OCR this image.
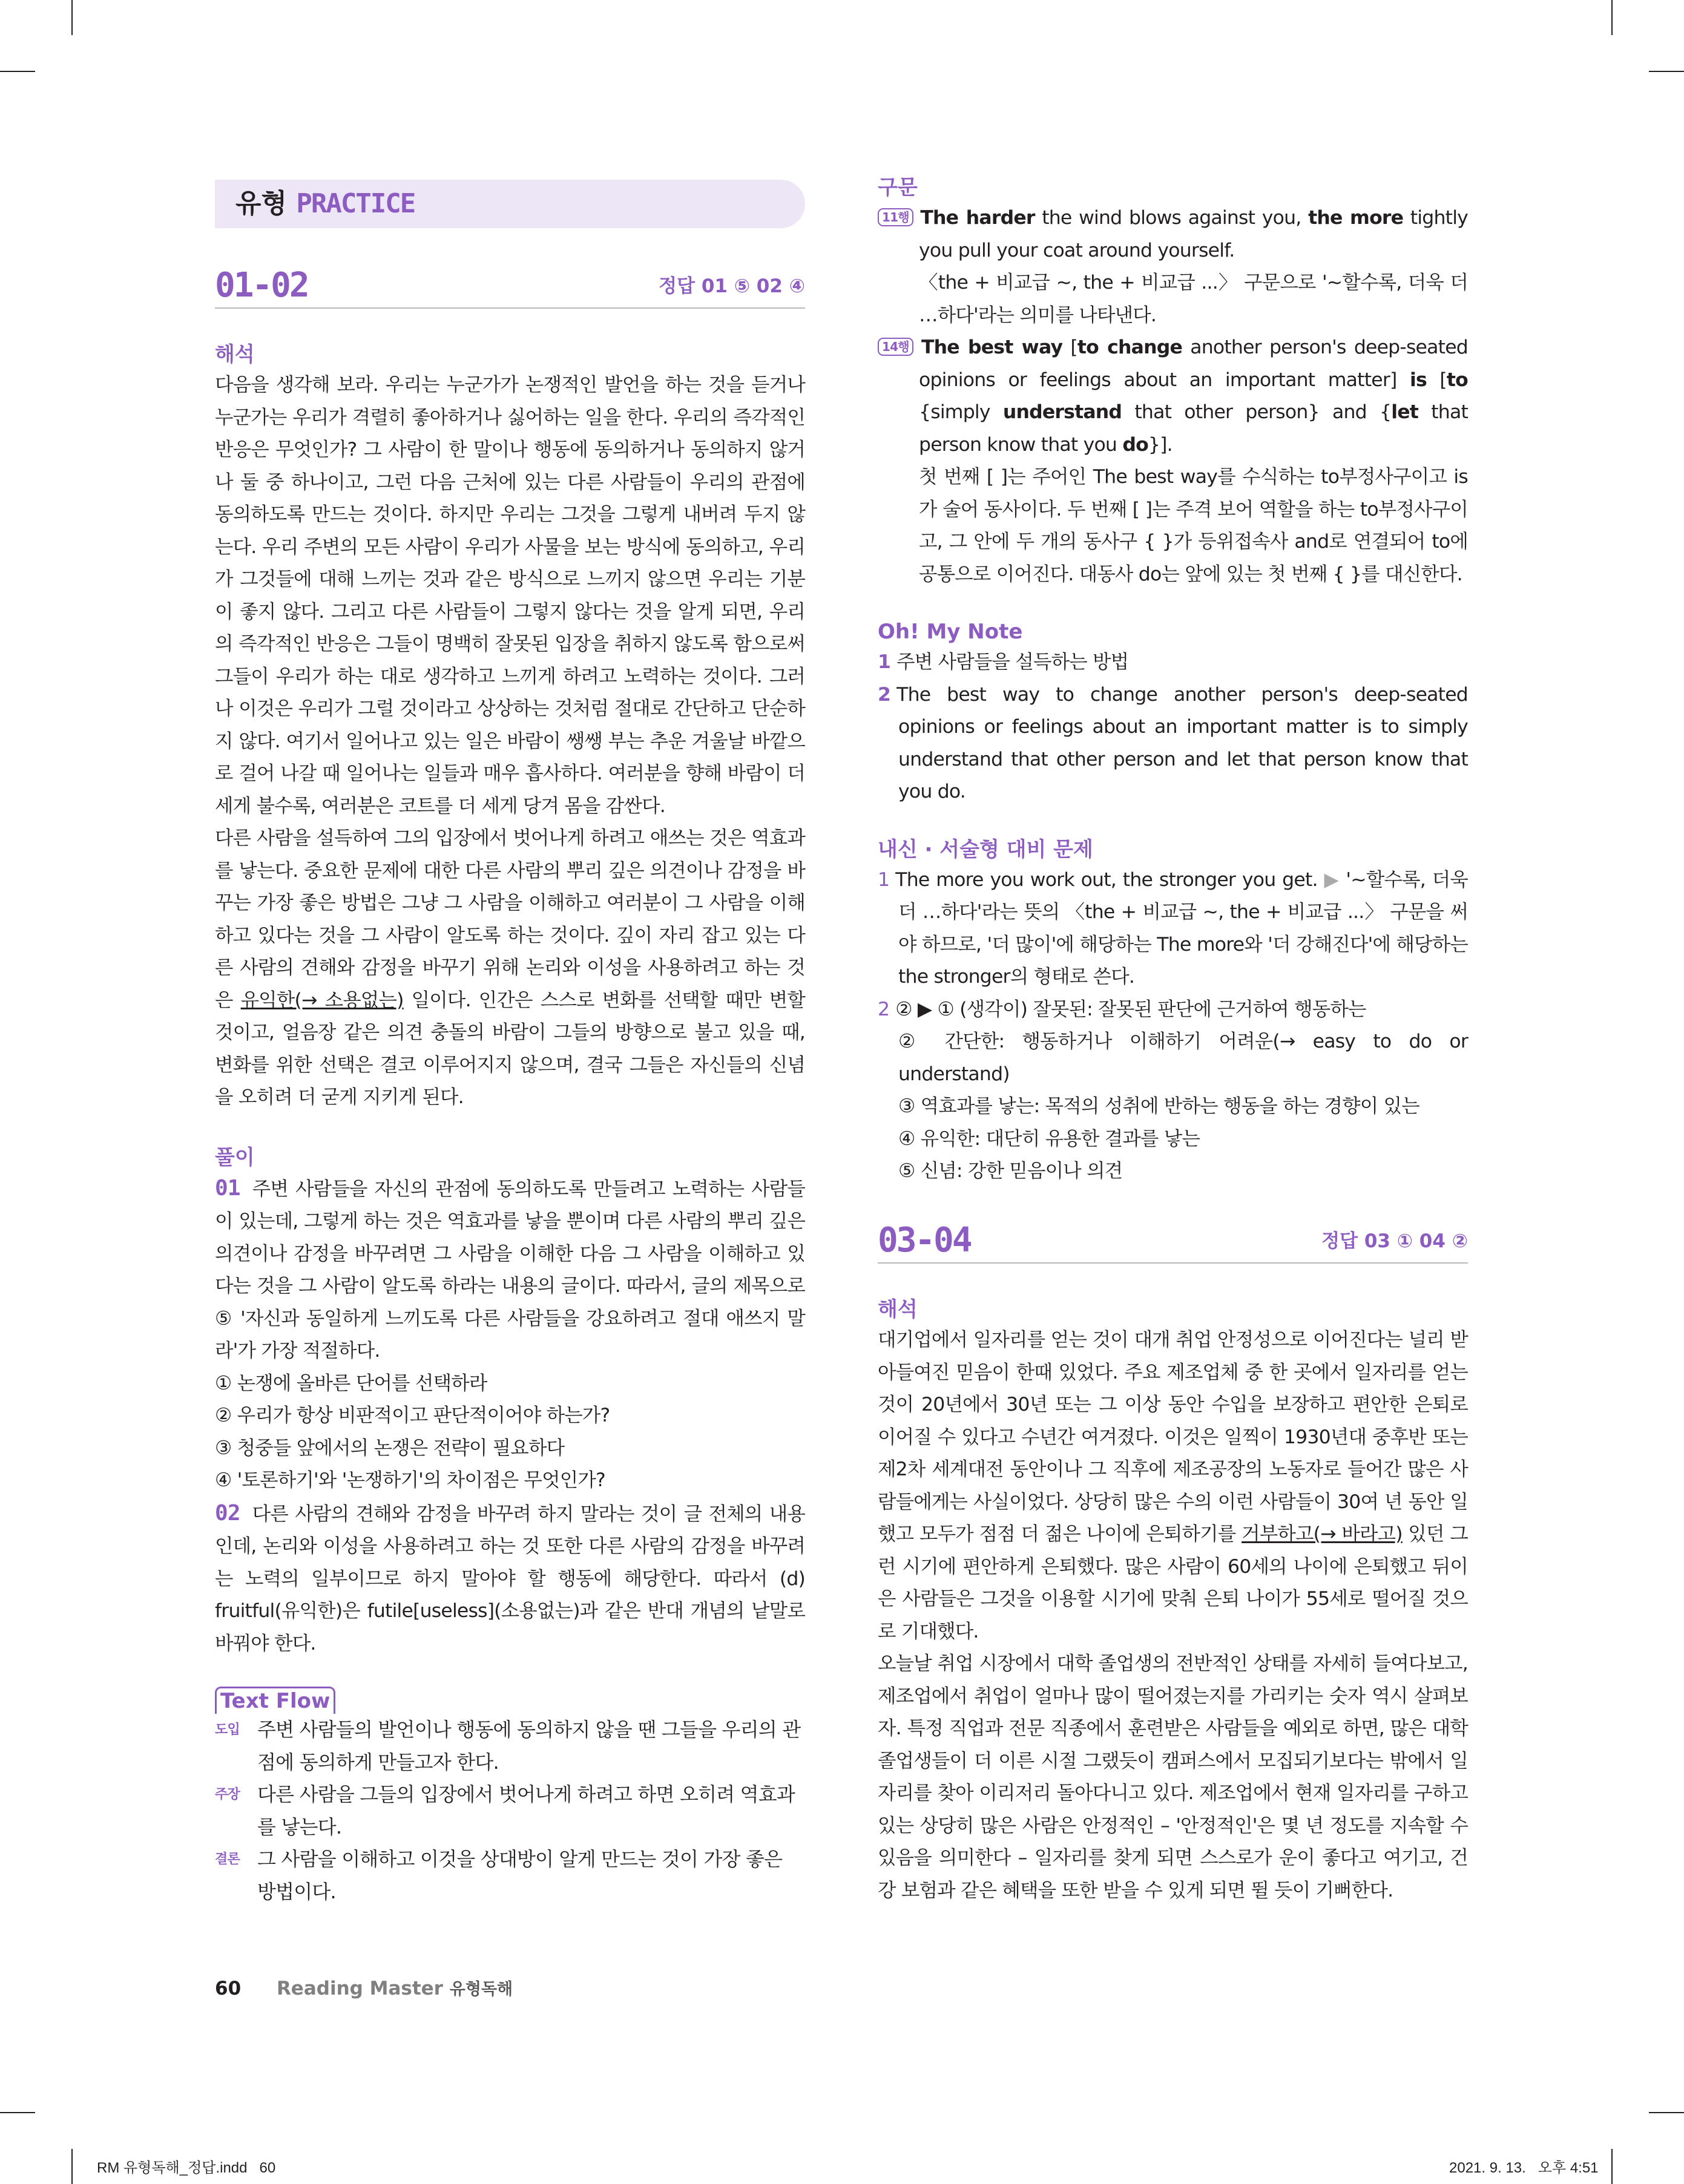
유형 PRACTICE
01-02	정답 01 ⑤ 02 ④

해석

다음을 생각해 보라. 우리는 누군가가 논쟁적인 발언을 하는 것을 듣거나 누군가는 우리가 격렬히 좋아하거나 싫어하는 일을 한다. 우리의 즉각적인 반응은 무엇인가? 그 사람이 한 말이나 행동에 동의하거나 동의하지 않거나 둘 중 하나이고, 그런 다음 근처에 있는 다른 사람들이 우리의 관점에 동의하도록 만드는 것이다. 하지만 우리는 그것을 그렇게 내버려 두지 않는다. 우리 주변의 모든 사람이 우리가 사물을 보는 방식에 동의하고, 우리가 그것들에 대해 느끼는 것과 같은 방식으로 느끼지 않으면 우리는 기분이 좋지 않다. 그리고 다른 사람들이 그렇지 않다는 것을 알게 되면, 우리의 즉각적인 반응은 그들이 명백히 잘못된 입장을 취하지 않도록 함으로써 그들이 우리가 하는 대로 생각하고 느끼게 하려고 노력하는 것이다. 그러나 이것은 우리가 그럴 것이라고 상상하는 것처럼 절대로 간단하고 단순하지 않다. 여기서 일어나고 있는 일은 바람이 쌩쌩 부는 추운 겨울날 바깥으로 걸어 나갈 때 일어나는 일들과 매우 흡사하다. 여러분을 향해 바람이 더 세게 불수록, 여러분은 코트를 더 세게 당겨 몸을 감싼다.

다른 사람을 설득하여 그의 입장에서 벗어나게 하려고 애쓰는 것은 역효과를 낳는다. 중요한 문제에 대한 다른 사람의 뿌리 깊은 의견이나 감정을 바꾸는 가장 좋은 방법은 그냥 그 사람을 이해하고 여러분이 그 사람을 이해하고 있다는 것을 그 사람이 알도록 하는 것이다. 깊이 자리 잡고 있는 다른 사람의 견해와 감정을 바꾸기 위해 논리와 이성을 사용하려고 하는 것은 유익한(→ 소용없는) 일이다. 인간은 스스로 변화를 선택할 때만 변할 것이고, 얼음장 같은 의견 충돌의 바람이 그들의 방향으로 불고 있을 때, 변화를 위한 선택은 결코 이루어지지 않으며, 결국 그들은 자신들의 신념을 오히려 더 굳게 지키게 된다.

풀이

01 주변 사람들을 자신의 관점에 동의하도록 만들려고 노력하는 사람들이 있는데, 그렇게 하는 것은 역효과를 낳을 뿐이며 다른 사람의 뿌리 깊은 의견이나 감정을 바꾸려면 그 사람을 이해한 다음 그 사람을 이해하고 있다는 것을 그 사람이 알도록 하라는 내용의 글이다. 따라서, 글의 제목으로 ⑤ '자신과 동일하게 느끼도록 다른 사람들을 강요하려고 절대 애쓰지 말라'가 가장 적절하다.

① 논쟁에 올바른 단어를 선택하라

② 우리가 항상 비판적이고 판단적이어야 하는가?

③ 청중들 앞에서의 논쟁은 전략이 필요하다

④ '토론하기'와 '논쟁하기'의 차이점은 무엇인가?

02 다른 사람의 견해와 감정을 바꾸려 하지 말라는 것이 글 전체의 내용인데, 논리와 이성을 사용하려고 하는 것 또한 다른 사람의 감정을 바꾸려는 노력의 일부이므로 하지 말아야 할 행동에 해당한다. 따라서 (d) fruitful(유익한)은 futile[useless](소용없는)과 같은 반대 개념의 낱말로 바꿔야 한다.

Text Flow
도입 주변 사람들의 발언이나 행동에 동의하지 않을 땐 그들을 우리의 관점에 동의하게 만들고자 한다.
주장 다른 사람을 그들의 입장에서 벗어나게 하려고 하면 오히려 역효과를 낳는다.
결론 그 사람을 이해하고 이것을 상대방이 알게 만드는 것이 가장 좋은 방법이다.
60 Reading Master 유형독해

구문

11행 The harder the wind blows against you, the more tightly you pull your coat around yourself.

〈the + 비교급 ~, the + 비교급 ...〉 구문으로 '~할수록, 더욱 더 …하다'라는 의미를 나타낸다.

14행 The best way [to change another person's deep-seated opinions or feelings about an important matter] is [to {simply understand that other person} and {let that person know that you do}].

첫 번째 [ ]는 주어인 The best way를 수식하는 to부정사구이고 is가 술어 동사이다. 두 번째 [ ]는 주격 보어 역할을 하는 to부정사구이고, 그 안에 두 개의 동사구 { }가 등위접속사 and로 연결되어 to에 공통으로 이어진다. 대동사 do는 앞에 있는 첫 번째 { }를 대신한다.

Oh! My Note

1 주변 사람들을 설득하는 방법

2 The best way to change another person's deep-seated opinions or feelings about an important matter is to simply understand that other person and let that person know that you do.

내신 · 서술형 대비 문제

1 The more you work out, the stronger you get. ▶ '~할수록, 더욱 더 …하다'라는 뜻의 〈the + 비교급 ~, the + 비교급 ...〉 구문을 써야 하므로, '더 많이'에 해당하는 The more와 '더 강해진다'에 해당하는 the stronger의 형태로 쓴다.

2 ② ▶ ① (생각이) 잘못된: 잘못된 판단에 근거하여 행동하는

② 간단한: 행동하거나 이해하기 어려운(→ easy to do or understand)

③ 역효과를 낳는: 목적의 성취에 반하는 행동을 하는 경향이 있는

④ 유익한: 대단히 유용한 결과를 낳는

⑤ 신념: 강한 믿음이나 의견

03-04	정답 03 ① 04 ②

해석

대기업에서 일자리를 얻는 것이 대개 취업 안정성으로 이어진다는 널리 받아들여진 믿음이 한때 있었다. 주요 제조업체 중 한 곳에서 일자리를 얻는 것이 20년에서 30년 또는 그 이상 동안 수입을 보장하고 편안한 은퇴로 이어질 수 있다고 수년간 여겨졌다. 이것은 일찍이 1930년대 중후반 또는 제2차 세계대전 동안이나 그 직후에 제조공장의 노동자로 들어간 많은 사람들에게는 사실이었다. 상당히 많은 수의 이런 사람들이 30여 년 동안 일했고 모두가 점점 더 젊은 나이에 은퇴하기를 거부하고(→ 바라고) 있던 그런 시기에 편안하게 은퇴했다. 많은 사람이 60세의 나이에 은퇴했고 뒤이은 사람들은 그것을 이용할 시기에 맞춰 은퇴 나이가 55세로 떨어질 것으로 기대했다.

오늘날 취업 시장에서 대학 졸업생의 전반적인 상태를 자세히 들여다보고, 제조업에서 취업이 얼마나 많이 떨어졌는지를 가리키는 숫자 역시 살펴보자. 특정 직업과 전문 직종에서 훈련받은 사람들을 예외로 하면, 많은 대학 졸업생들이 더 이른 시절 그랬듯이 캠퍼스에서 모집되기보다는 밖에서 일자리를 찾아 이리저리 돌아다니고 있다. 제조업에서 현재 일자리를 구하고 있는 상당히 많은 사람은 안정적인 – '안정적인'은 몇 년 정도를 지속할 수 있음을 의미한다 – 일자리를 찾게 되면 스스로가 운이 좋다고 여기고, 건강 보험과 같은 혜택을 또한 받을 수 있게 되면 뛸 듯이 기뻐한다.

RM 유형독해_정답.indd   60	2021. 9. 13.   오후 4:51
